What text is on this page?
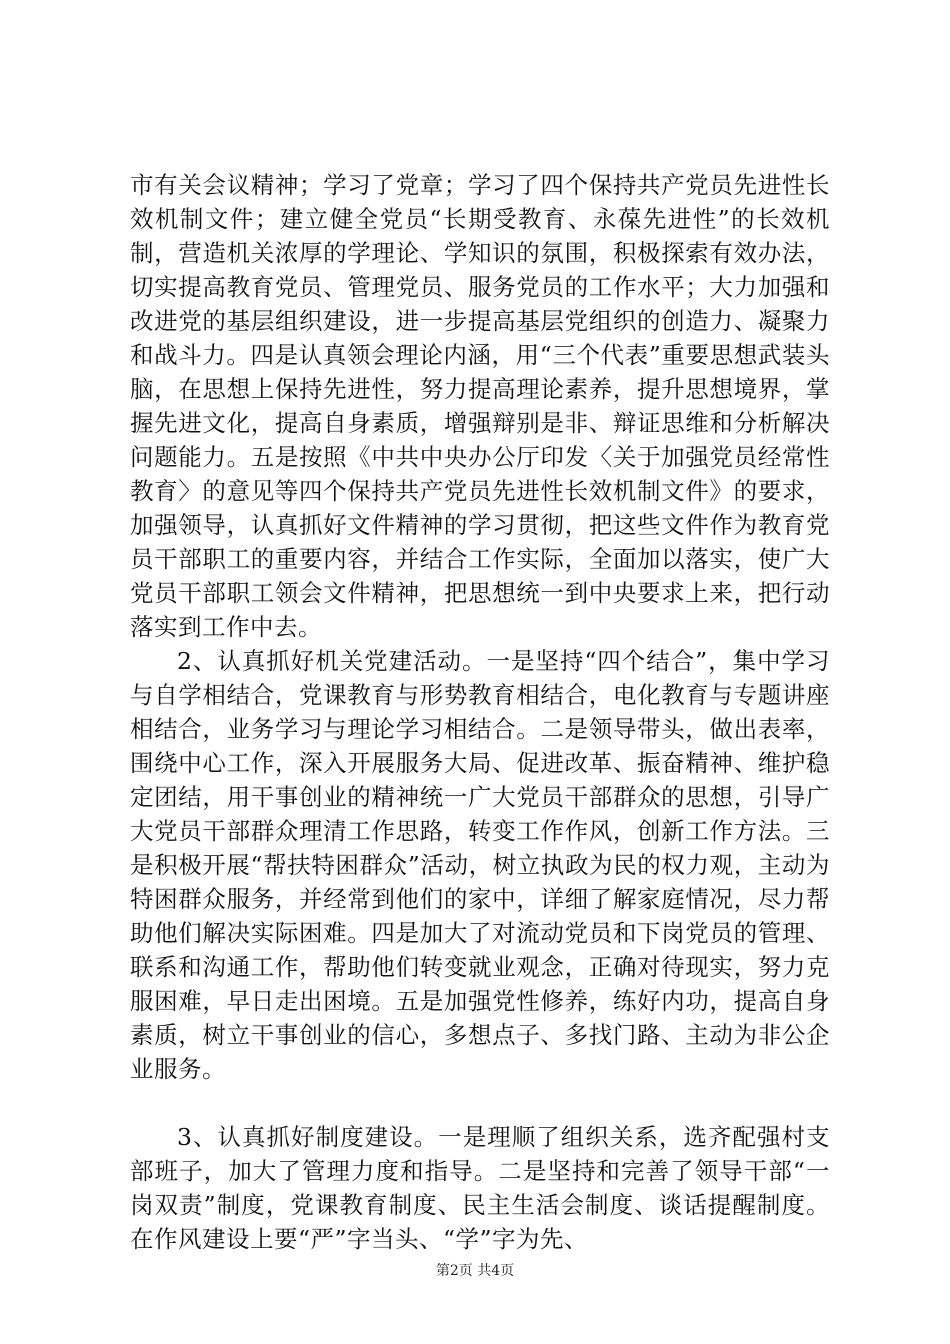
市有关会议精神；学习了党章；学习了四个保持共产党员先进性长效机制文件；建立健全党员“长期受教育、永葆先进性”的长效机制，营造机关浓厚的学理论、学知识的氛围，积极探索有效办法，切实提高教育党员、管理党员、服务党员的工作水平；大力加强和改进党的基层组织建设，进一步提高基层党组织的创造力、凝聚力和战斗力。四是认真领会理论内涵，用“三个代表”重要思想武装头脑，在思想上保持先进性，努力提高理论素养，提升思想境界，掌握先进文化，提高自身素质，增强辩别是非、辩证思维和分析解决问题能力。五是按照《中共中央办公厅印发〈关于加强党员经常性教育〉的意见等四个保持共产党员先进性长效机制文件》的要求，加强领导，认真抓好文件精神的学习贯彻，把这些文件作为教育党员干部职工的重要内容，并结合工作实际，全面加以落实，使广大党员干部职工领会文件精神，把思想统一到中央要求上来，把行动落实到工作中去。

2、认真抓好机关党建活动。一是坚持“四个结合”，集中学习与自学相结合，党课教育与形势教育相结合，电化教育与专题讲座相结合，业务学习与理论学习相结合。二是领导带头，做出表率，围绕中心工作，深入开展服务大局、促进改革、振奋精神、维护稳定团结，用干事创业的精神统一广大党员干部群众的思想，引导广大党员干部群众理清工作思路，转变工作作风，创新工作方法。三是积极开展“帮扶特困群众”活动，树立执政为民的权力观，主动为特困群众服务，并经常到他们的家中，详细了解家庭情况，尽力帮助他们解决实际困难。四是加大了对流动党员和下岗党员的管理、联系和沟通工作，帮助他们转变就业观念，正确对待现实，努力克服困难，早日走出困境。五是加强党性修养，练好内功，提高自身素质，树立干事创业的信心，多想点子、多找门路、主动为非公企业服务。

3、认真抓好制度建设。一是理顺了组织关系，选齐配强村支部班子，加大了管理力度和指导。二是坚持和完善了领导干部“一岗双责”制度，党课教育制度、民主生活会制度、谈话提醒制度。在作风建设上要“严”字当头、“学”字为先、

第2页 共4页
